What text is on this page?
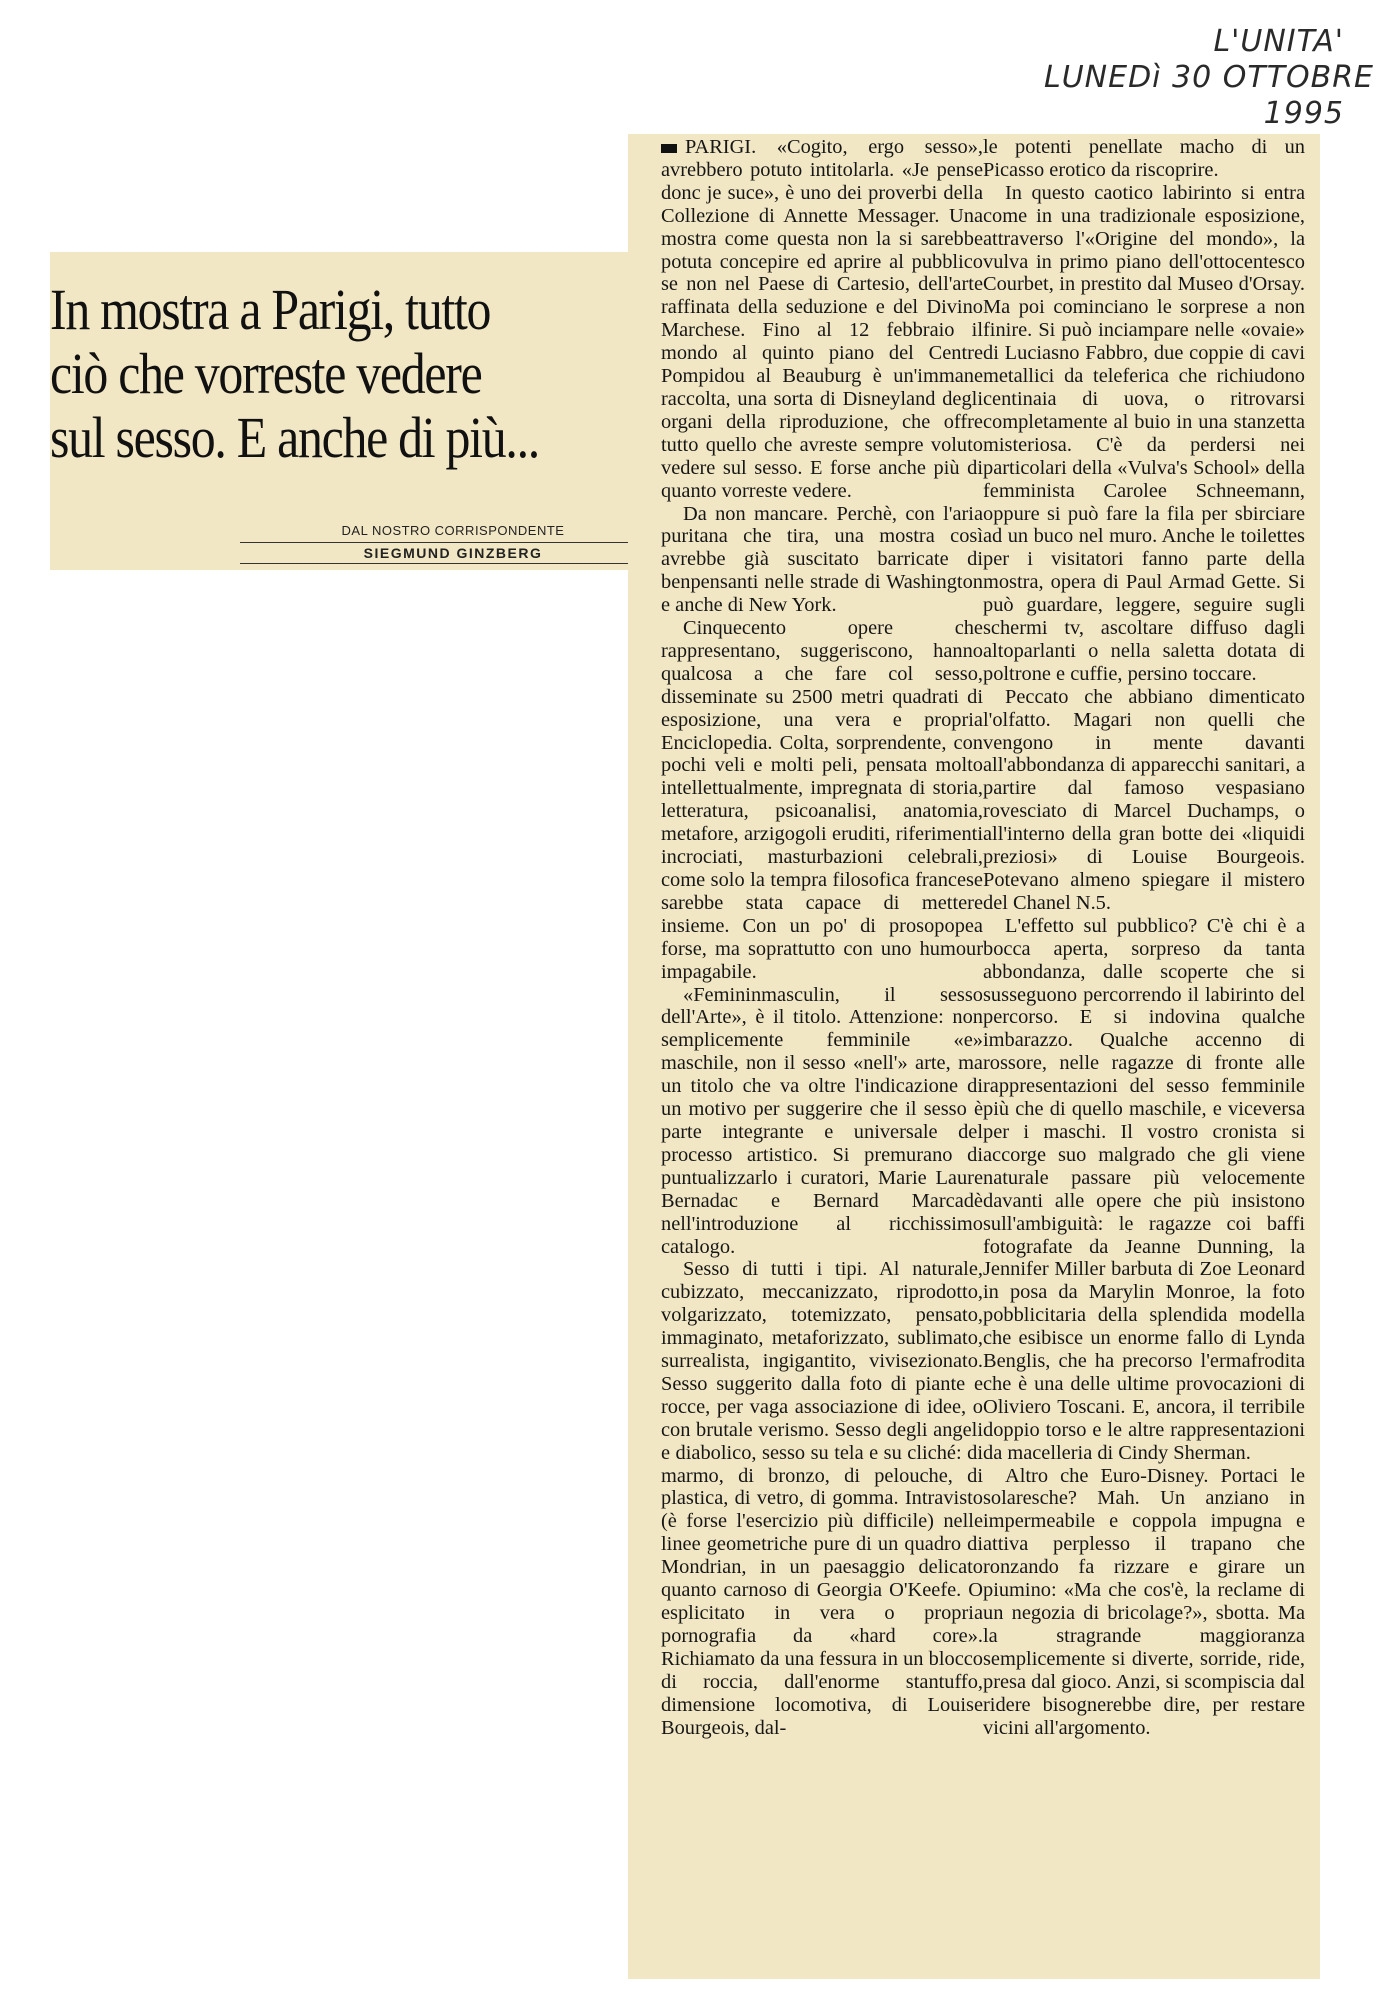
L'UNITA'
LUNEDì 30 OTTOBRE
1995
In mostra a Parigi, tutto
ciò che vorreste vedere
sul sesso. E anche di più...
DAL NOSTRO CORRISPONDENTE
SIEGMUND GINZBERG

PARIGI. «Cogito, ergo sesso», avrebbero potuto intitolarla. «Je pense donc je suce», è uno dei proverbi della Collezione di Annette Messager. Una mostra come questa non la si sarebbe potuta concepire ed aprire al pubblico se non nel Paese di Cartesio, dell'arte raffinata della seduzione e del Divino Marchese. Fino al 12 febbraio il mondo al quinto piano del Centre Pompidou al Beauburg è un'immane raccolta, una sorta di Disneyland degli organi della riproduzione, che offre tutto quello che avreste sempre voluto vedere sul sesso. E forse anche più di quanto vorreste vedere.

Da non mancare. Perchè, con l'aria puritana che tira, una mostra così avrebbe già suscitato barricate di benpensanti nelle strade di Washington e anche di New York.

Cinquecento opere che rappresentano, suggeriscono, hanno qualcosa a che fare col sesso, disseminate su 2500 metri quadrati di esposizione, una vera e propria Enciclopedia. Colta, sorprendente, con pochi veli e molti peli, pensata molto intellettualmente, impregnata di storia, letteratura, psicoanalisi, anatomia, metafore, arzigogoli eruditi, riferimenti incrociati, masturbazioni celebrali, come solo la tempra filosofica francese sarebbe stata capace di mettere insieme. Con un po' di prosopopea forse, ma soprattutto con uno humour impagabile.

«Femininmasculin, il sesso dell'Arte», è il titolo. Attenzione: non semplicemente femminile «e» maschile, non il sesso «nell'» arte, ma un titolo che va oltre l'indicazione di un motivo per suggerire che il sesso è parte integrante e universale del processo artistico. Si premurano di puntualizzarlo i curatori, Marie Laure Bernadac e Bernard Marcadè nell'introduzione al ricchissimo catalogo.

Sesso di tutti i tipi. Al naturale, cubizzato, meccanizzato, riprodotto, volgarizzato, totemizzato, pensato, immaginato, metaforizzato, sublimato, surrealista, ingigantito, vivisezionato. Sesso suggerito dalla foto di piante e rocce, per vaga associazione di idee, o con brutale verismo. Sesso degli angeli e diabolico, sesso su tela e su cliché: di marmo, di bronzo, di pelouche, di plastica, di vetro, di gomma. Intravisto (è forse l'esercizio più difficile) nelle linee geometriche pure di un quadro di Mondrian, in un paesaggio delicato quanto carnoso di Georgia O'Keefe. O esplicitato in vera o propria pornografia da «hard core». Richiamato da una fessura in un blocco di roccia, dall'enorme stantuffo, dimensione locomotiva, di Louise Bourgeois, dal-

le potenti penellate macho di un Picasso erotico da riscoprire.

In questo caotico labirinto si entra come in una tradizionale esposizione, attraverso l'«Origine del mondo», la vulva in primo piano dell'ottocentesco Courbet, in prestito dal Museo d'Orsay. Ma poi cominciano le sorprese a non finire. Si può inciampare nelle «ovaie» di Luciasno Fabbro, due coppie di cavi metallici da teleferica che richiudono centinaia di uova, o ritrovarsi completamente al buio in una stanzetta misteriosa. C'è da perdersi nei particolari della «Vulva's School» della femminista Carolee Schneemann, oppure si può fare la fila per sbirciare ad un buco nel muro. Anche le toilettes per i visitatori fanno parte della mostra, opera di Paul Armad Gette. Si può guardare, leggere, seguire sugli schermi tv, ascoltare diffuso dagli altoparlanti o nella saletta dotata di poltrone e cuffie, persino toccare.

Peccato che abbiano dimenticato l'olfatto. Magari non quelli che vengono in mente davanti all'abbondanza di apparecchi sanitari, a partire dal famoso vespasiano rovesciato di Marcel Duchamps, o all'interno della gran botte dei «liquidi preziosi» di Louise Bourgeois. Potevano almeno spiegare il mistero del Chanel N.5.

L'effetto sul pubblico? C'è chi è a bocca aperta, sorpreso da tanta abbondanza, dalle scoperte che si susseguono percorrendo il labirinto del percorso. E si indovina qualche imbarazzo. Qualche accenno di rossore, nelle ragazze di fronte alle rappresentazioni del sesso femminile più che di quello maschile, e viceversa per i maschi. Il vostro cronista si accorge suo malgrado che gli viene naturale passare più velocemente davanti alle opere che più insistono sull'ambiguità: le ragazze coi baffi fotografate da Jeanne Dunning, la Jennifer Miller barbuta di Zoe Leonard in posa da Marylin Monroe, la foto pobblicitaria della splendida modella che esibisce un enorme fallo di Lynda Benglis, che ha precorso l'ermafrodita che è una delle ultime provocazioni di Oliviero Toscani. E, ancora, il terribile doppio torso e le altre rappresentazioni da macelleria di Cindy Sherman.

Altro che Euro-Disney. Portaci le solaresche? Mah. Un anziano in impermeabile e coppola impugna e attiva perplesso il trapano che ronzando fa rizzare e girare un piumino: «Ma che cos'è, la reclame di un negozia di bricolage?», sbotta. Ma la stragrande maggioranza semplicemente si diverte, sorride, ride, presa dal gioco. Anzi, si scompiscia dal ridere bisognerebbe dire, per restare vicini all'argomento.
